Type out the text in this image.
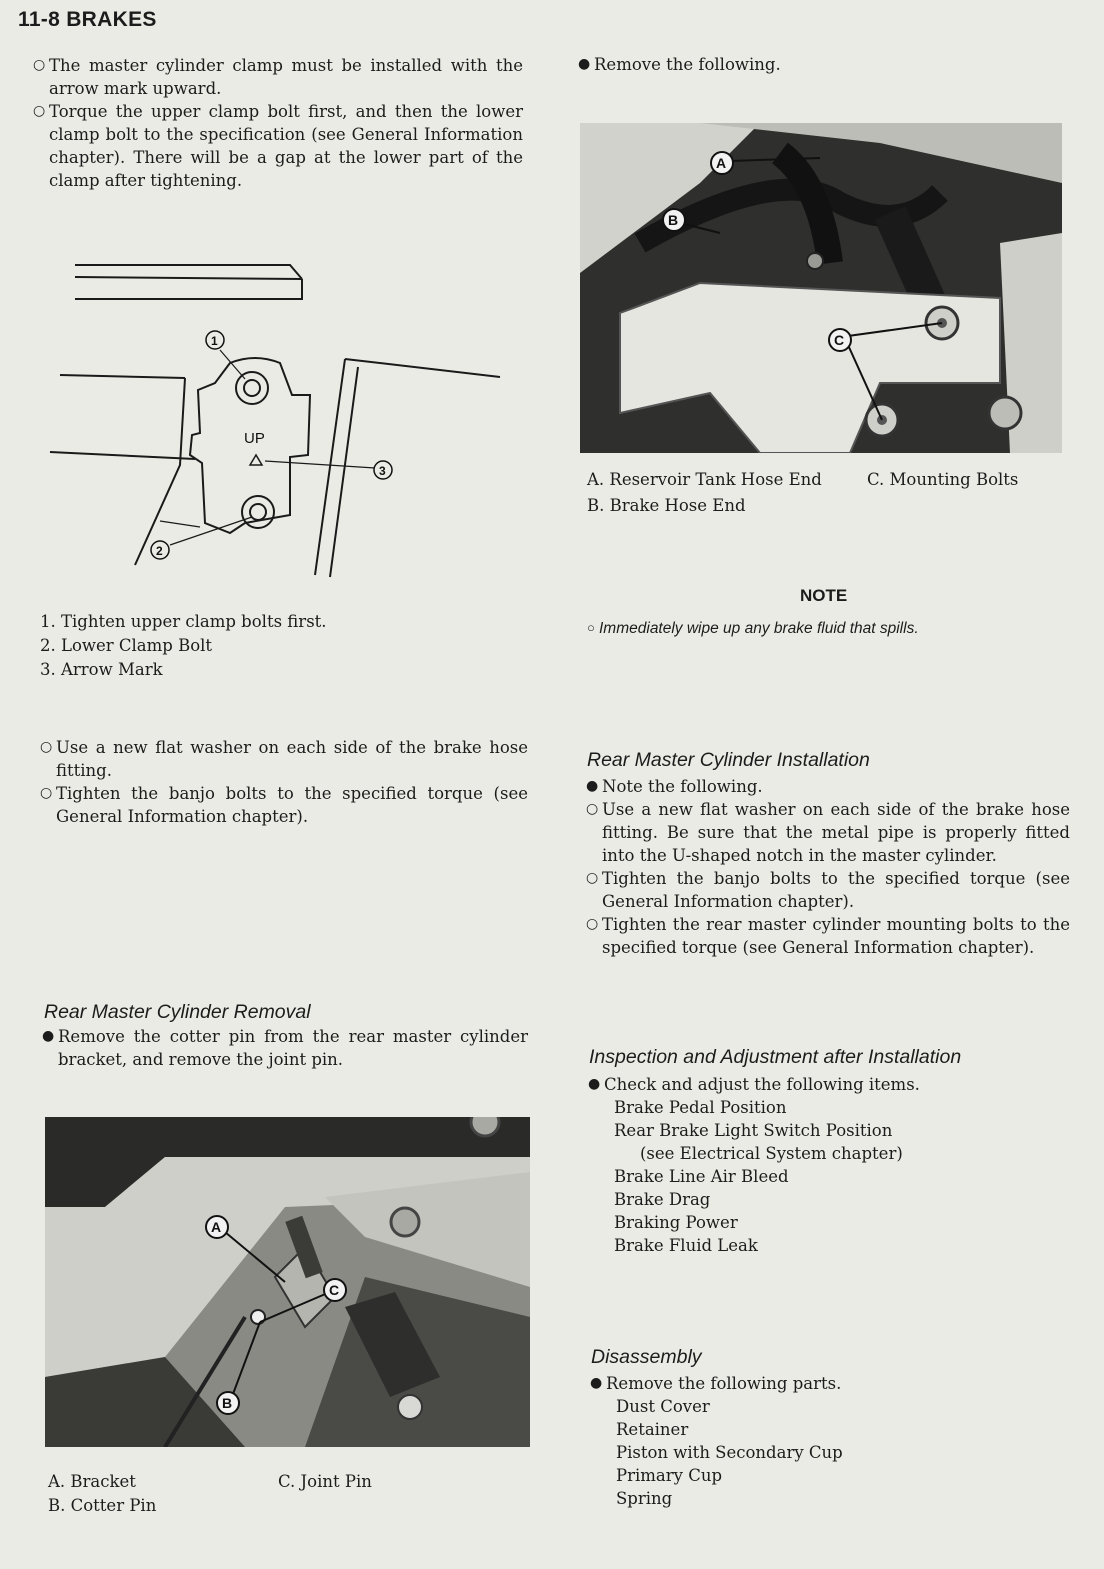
11-8 BRAKES
○ The master cylinder clamp must be installed with the arrow mark upward.
○ Torque the upper clamp bolt first, and then the lower clamp bolt to the specification (see General Information chapter). There will be a gap at the lower part of the clamp after tightening.
UP
1
3
2
1. Tighten upper clamp bolts first.
2. Lower Clamp Bolt
3. Arrow Mark
○ Use a new flat washer on each side of the brake hose fitting.
○ Tighten the banjo bolts to the specified torque (see General Information chapter).
Rear Master Cylinder Removal
● Remove the cotter pin from the rear master cylinder bracket, and remove the joint pin.
A
C
B
A. Bracket
B. Cotter Pin
C. Joint Pin
● Remove the following.
A
B
C
A. Reservoir Tank Hose End
B. Brake Hose End
C. Mounting Bolts
NOTE
○ Immediately wipe up any brake fluid that spills.
Rear Master Cylinder Installation
● Note the following.
○ Use a new flat washer on each side of the brake hose fitting. Be sure that the metal pipe is properly fitted into the U-shaped notch in the master cylinder.
○ Tighten the banjo bolts to the specified torque (see General Information chapter).
○ Tighten the rear master cylinder mounting bolts to the specified torque (see General Information chapter).
Inspection and Adjustment after Installation
● Check and adjust the following items.
Brake Pedal Position
Rear Brake Light Switch Position
(see Electrical System chapter)
Brake Line Air Bleed
Brake Drag
Braking Power
Brake Fluid Leak
Disassembly
● Remove the following parts.
Dust Cover
Retainer
Piston with Secondary Cup
Primary Cup
Spring
